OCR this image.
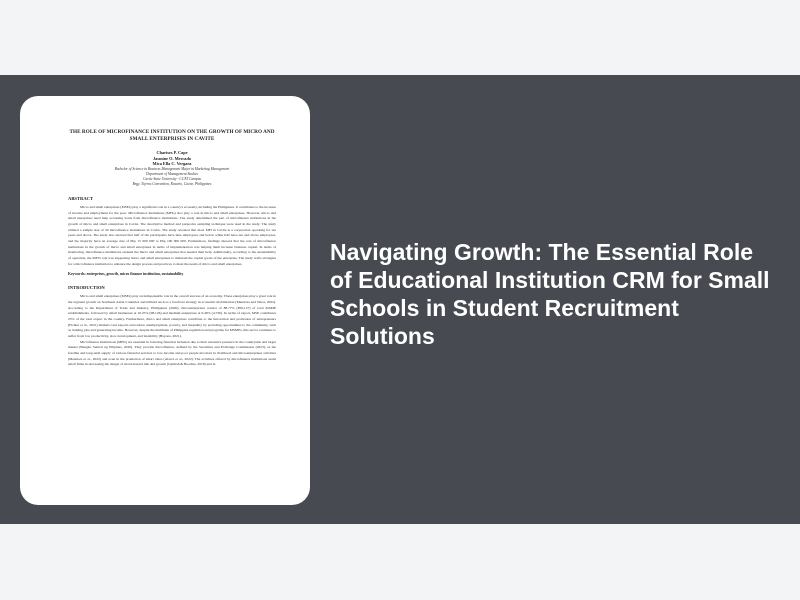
THE ROLE OF MICROFINANCE INSTITUTION ON THE GROWTH OF MICRO AND SMALL ENTERPRISES IN CAVITE
Charises P. Cape
Jasmine O. Mercado
Mica Ella C. Vergara
Bachelor of Science in Business Management Major in Marketing Management
Department of Management Studies
Cavite State University - CCAT Campus
Brgy. Tejeros Convention, Rosario, Cavite, Philippines
ABSTRACT

Micro and small enterprises (MSEs) play a significant role in a country's economy, including the Philippines. It contributes to the increase of income and employment for the poor. Microfinance Institutions (MFIs) also play a role in micro and small enterprises. However, micro and small enterprises need help accessing loans from microfinance institutions. The study determined the part of microfinance institutions in the growth of micro and small enterprises in Cavite. The descriptive method and purposive sampling technique were used in the study. The study utilized a sample size of 30 microfinance institutions in Cavite. The study revealed that most MFI in Cavite is a corporation operating for ten years and above. The study also showed that half of the participants have nine employees and below while half have ten and above employees, and the majority have an average size of Php 15 000 000 to Php 100 000 000. Furthermore, findings showed that the role of microfinance institutions in the growth of micro and small enterprises in terms of implementation was helping them increase business capital. In terms of monitoring, microfinance institutions assisted the micro and small enterprises that needed their help. Additionally, according to the sustainability of operation, the MFI's role was supporting micro and small enterprises to maintain the capital goods of the enterprise. The study crafts strategies for a microfinance institution to enhance the design process and practices to meet the needs of micro and small enterprises.

Keywords: enterprises, growth, micro finance institution, sustainability
INTRODUCTION

Micro and small enterprises (MSEs) play an indispensable role in the overall success of an economy. These enterprises play a great role in the regional growth on Southeast Asian Countries and utilized such as a forefront strategy in economic mobilization (Mendoza and Tabor, 2022). According to the Department of Trade and Industry, Philippines (2020), microenterprises consist of 88.77% (850,127) of total MSME establishments, followed by small businesses at 10.25% (98,126) and medium enterprises at 0.49% (4,736). In terms of export, MSE contributes 25% of the total export in the country. Furthermore, micro and small enterprises contribute to the innovation and promotion of entrepreneurs (Fichter et al., 2021) market's real exports and reduce unemployment, poverty, and inequality by providing opportunities to the community, such as training jobs and generating income. However, despite the multitude of Philippine regulation and programs for MSMEs, this sector continues to suffer from low productivity, slow development, and instability (Bayona, 2021).

Microfinance Institutions (MFIs) are essential in fostering financial inclusion due to their extensive presence in the countryside and target market (Bangko Sentral ng Pilipinas, 2020). They provide microfinance, defined by the Securities and Exchange Commission (2023), as the feasible and long-term supply of various financial services to low-income and poor people involved in livelihood and microenterprises activities (Mendoza et al., 2022) and even in the promotion of smart cities (Alarca et al., 2022). The activities offered by microfinance institutions assist small firms in decreasing the danger of moral hazard risk and growth (Gyimah & Boachie, 2018) and in

Navigating Growth: The Essential Role of Educational Institution CRM for Small Schools in Student Recruitment Solutions
